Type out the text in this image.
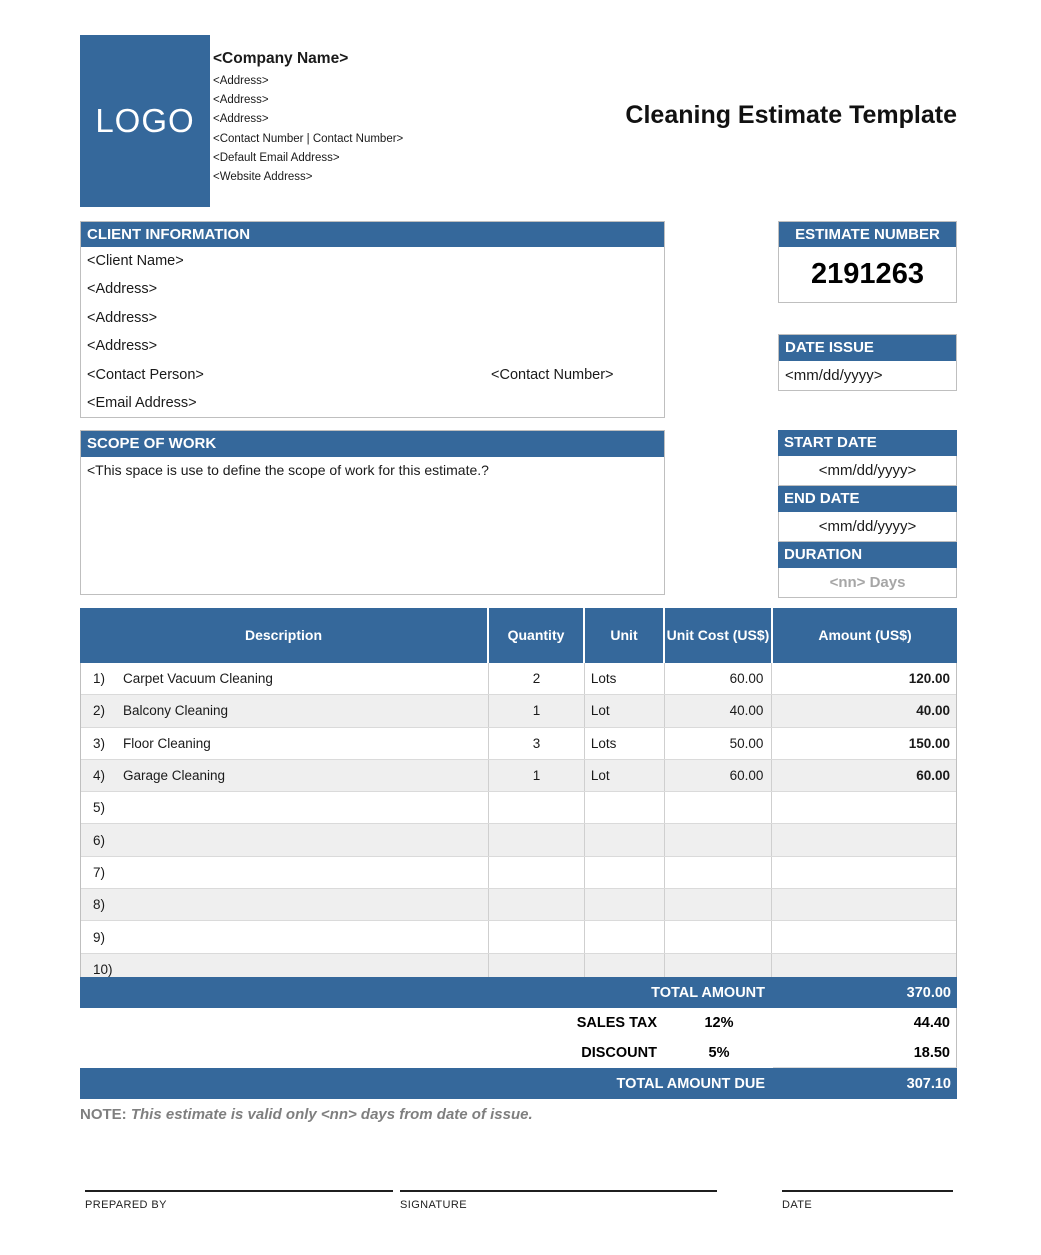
LOGO
<Company Name>
<Address>
<Address>
<Address>
<Contact Number | Contact Number>
<Default Email Address>
<Website Address>
Cleaning Estimate Template
CLIENT INFORMATION
<Client Name>
<Address>
<Address>
<Address>
<Contact Person>	<Contact Number>
<Email Address>
ESTIMATE NUMBER
2191263
DATE ISSUE
<mm/dd/yyyy>
SCOPE OF WORK
<This space is use to define the scope of work for this estimate.?
START DATE
<mm/dd/yyyy>
END DATE
<mm/dd/yyyy>
DURATION
<nn> Days
Description	Quantity	Unit	Unit Cost (US$)	Amount (US$)
1)	Carpet Vacuum Cleaning	2	Lots	60.00	120.00
2)	Balcony Cleaning	1	Lot	40.00	40.00
3)	Floor Cleaning	3	Lots	50.00	150.00
4)	Garage Cleaning	1	Lot	60.00	60.00
5)
6)
7)
8)
9)
10)
TOTAL AMOUNT	370.00
SALES TAX	12%	44.40
DISCOUNT	5%	18.50
TOTAL AMOUNT DUE	307.10
NOTE: This estimate is valid only <nn> days from date of issue.
PREPARED BY	SIGNATURE	DATE
